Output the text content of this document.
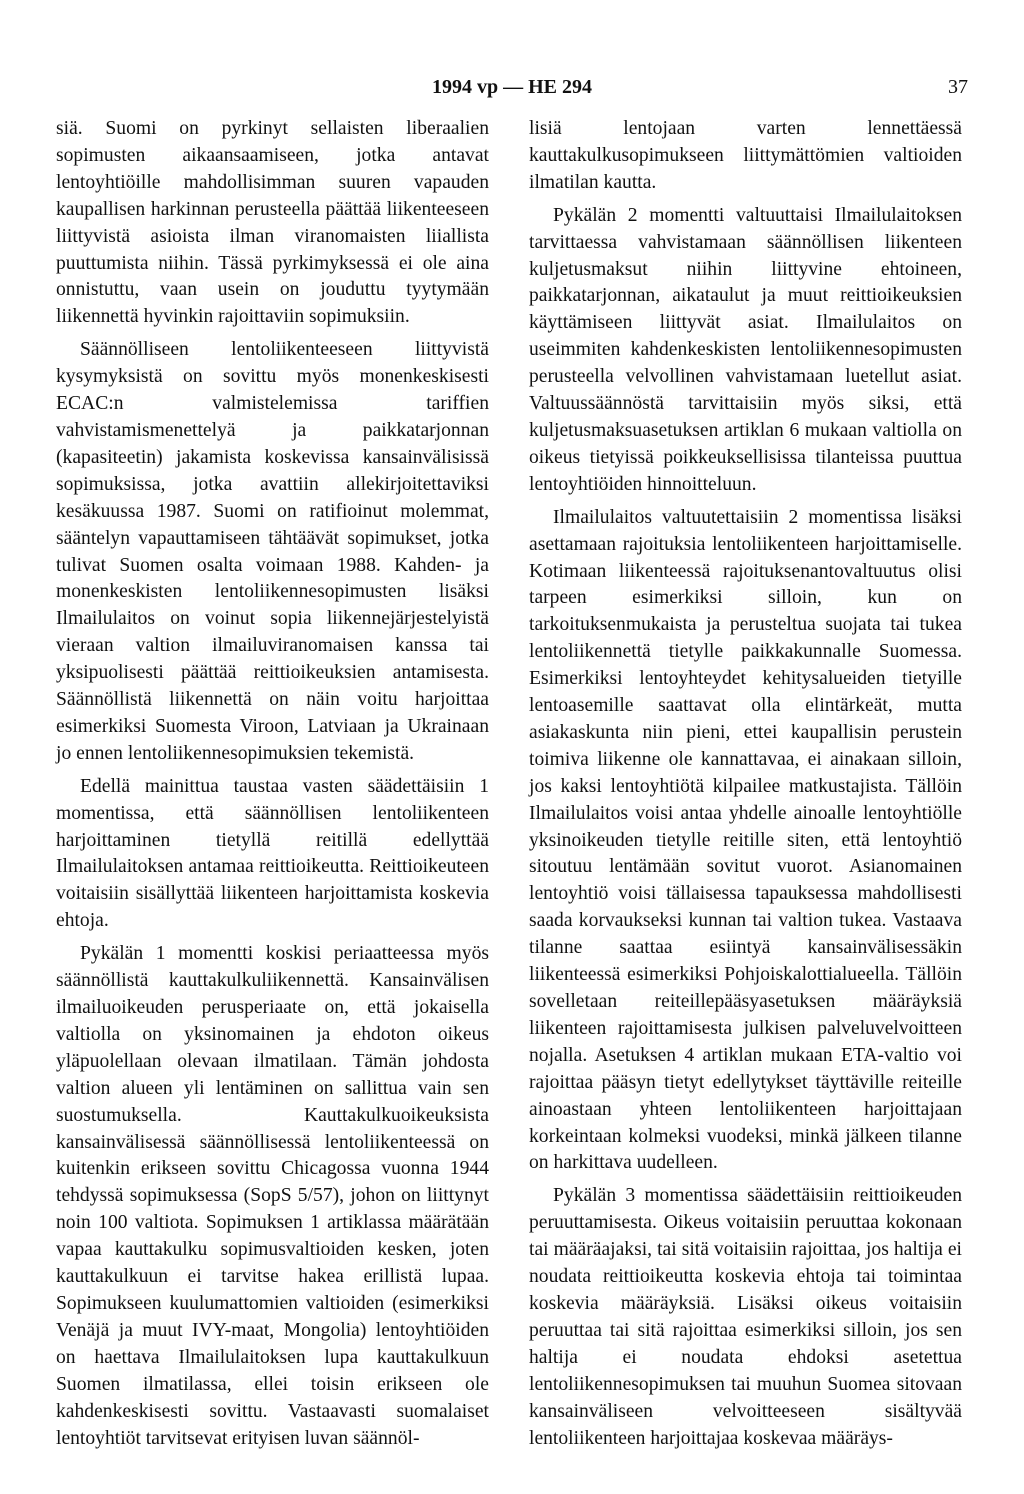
1994 vp — HE 294	37

siä. Suomi on pyrkinyt sellaisten liberaalien sopimusten aikaansaamiseen, jotka antavat lentoyhtiöille mahdollisimman suuren vapauden kaupallisen harkinnan perusteella päättää liikenteeseen liittyvistä asioista ilman viranomaisten liiallista puuttumista niihin. Tässä pyrkimyksessä ei ole aina onnistuttu, vaan usein on jouduttu tyytymään liikennettä hyvinkin rajoittaviin sopimuksiin.

Säännölliseen lentoliikenteeseen liittyvistä kysymyksistä on sovittu myös monenkeskisesti ECAC:n valmistelemissa tariffien vahvistamismenettelyä ja paikkatarjonnan (kapasiteetin) jakamista koskevissa kansainvälisissä sopimuksissa, jotka avattiin allekirjoitettaviksi kesäkuussa 1987. Suomi on ratifioinut molemmat, sääntelyn vapauttamiseen tähtäävät sopimukset, jotka tulivat Suomen osalta voimaan 1988. Kahden- ja monenkeskisten lentoliikennesopimusten lisäksi Ilmailulaitos on voinut sopia liikennejärjestelyistä vieraan valtion ilmailuviranomaisen kanssa tai yksipuolisesti päättää reittioikeuksien antamisesta. Säännöllistä liikennettä on näin voitu harjoittaa esimerkiksi Suomesta Viroon, Latviaan ja Ukrainaan jo ennen lentoliikennesopimuksien tekemistä.

Edellä mainittua taustaa vasten säädettäisiin 1 momentissa, että säännöllisen lentoliikenteen harjoittaminen tietyllä reitillä edellyttää Ilmailulaitoksen antamaa reittioikeutta. Reittioikeuteen voitaisiin sisällyttää liikenteen harjoittamista koskevia ehtoja.

Pykälän 1 momentti koskisi periaatteessa myös säännöllistä kauttakulkuliikennettä. Kansainvälisen ilmailuoikeuden perusperiaate on, että jokaisella valtiolla on yksinomainen ja ehdoton oikeus yläpuolellaan olevaan ilmatilaan. Tämän johdosta valtion alueen yli lentäminen on sallittua vain sen suostumuksella. Kauttakulkuoikeuksista kansainvälisessä säännöllisessä lentoliikenteessä on kuitenkin erikseen sovittu Chicagossa vuonna 1944 tehdyssä sopimuksessa (SopS 5/57), johon on liittynyt noin 100 valtiota. Sopimuksen 1 artiklassa määrätään vapaa kauttakulku sopimusvaltioiden kesken, joten kauttakulkuun ei tarvitse hakea erillistä lupaa. Sopimukseen kuulumattomien valtioiden (esimerkiksi Venäjä ja muut IVY-maat, Mongolia) lentoyhtiöiden on haettava Ilmailulaitoksen lupa kauttakulkuun Suomen ilmatilassa, ellei toisin erikseen ole kahdenkeskisesti sovittu. Vastaavasti suomalaiset lentoyhtiöt tarvitsevat erityisen luvan säännöl-

lisiä lentojaan varten lennettäessä kauttakulkusopimukseen liittymättömien valtioiden ilmatilan kautta.

Pykälän 2 momentti valtuuttaisi Ilmailulaitoksen tarvittaessa vahvistamaan säännöllisen liikenteen kuljetusmaksut niihin liittyvine ehtoineen, paikkatarjonnan, aikataulut ja muut reittioikeuksien käyttämiseen liittyvät asiat. Ilmailulaitos on useimmiten kahdenkeskisten lentoliikennesopimusten perusteella velvollinen vahvistamaan luetellut asiat. Valtuussäännöstä tarvittaisiin myös siksi, että kuljetusmaksuasetuksen artiklan 6 mukaan valtiolla on oikeus tietyissä poikkeuksellisissa tilanteissa puuttua lentoyhtiöiden hinnoitteluun.

Ilmailulaitos valtuutettaisiin 2 momentissa lisäksi asettamaan rajoituksia lentoliikenteen harjoittamiselle. Kotimaan liikenteessä rajoituksenantovaltuutus olisi tarpeen esimerkiksi silloin, kun on tarkoituksenmukaista ja perusteltua suojata tai tukea lentoliikennettä tietylle paikkakunnalle Suomessa. Esimerkiksi lentoyhteydet kehitysalueiden tietyille lentoasemille saattavat olla elintärkeät, mutta asiakaskunta niin pieni, ettei kaupallisin perustein toimiva liikenne ole kannattavaa, ei ainakaan silloin, jos kaksi lentoyhtiötä kilpailee matkustajista. Tällöin Ilmailulaitos voisi antaa yhdelle ainoalle lentoyhtiölle yksinoikeuden tietylle reitille siten, että lentoyhtiö sitoutuu lentämään sovitut vuorot. Asianomainen lentoyhtiö voisi tällaisessa tapauksessa mahdollisesti saada korvaukseksi kunnan tai valtion tukea. Vastaava tilanne saattaa esiintyä kansainvälisessäkin liikenteessä esimerkiksi Pohjoiskalottialueella. Tällöin sovelletaan reiteillepääsyasetuksen määräyksiä liikenteen rajoittamisesta julkisen palveluvelvoitteen nojalla. Asetuksen 4 artiklan mukaan ETA-valtio voi rajoittaa pääsyn tietyt edellytykset täyttäville reiteille ainoastaan yhteen lentoliikenteen harjoittajaan korkeintaan kolmeksi vuodeksi, minkä jälkeen tilanne on harkittava uudelleen.

Pykälän 3 momentissa säädettäisiin reittioikeuden peruuttamisesta. Oikeus voitaisiin peruuttaa kokonaan tai määräajaksi, tai sitä voitaisiin rajoittaa, jos haltija ei noudata reittioikeutta koskevia ehtoja tai toimintaa koskevia määräyksiä. Lisäksi oikeus voitaisiin peruuttaa tai sitä rajoittaa esimerkiksi silloin, jos sen haltija ei noudata ehdoksi asetettua lentoliikennesopimuksen tai muuhun Suomea sitovaan kansainväliseen velvoitteeseen sisältyvää lentoliikenteen harjoittajaa koskevaa määräys-
